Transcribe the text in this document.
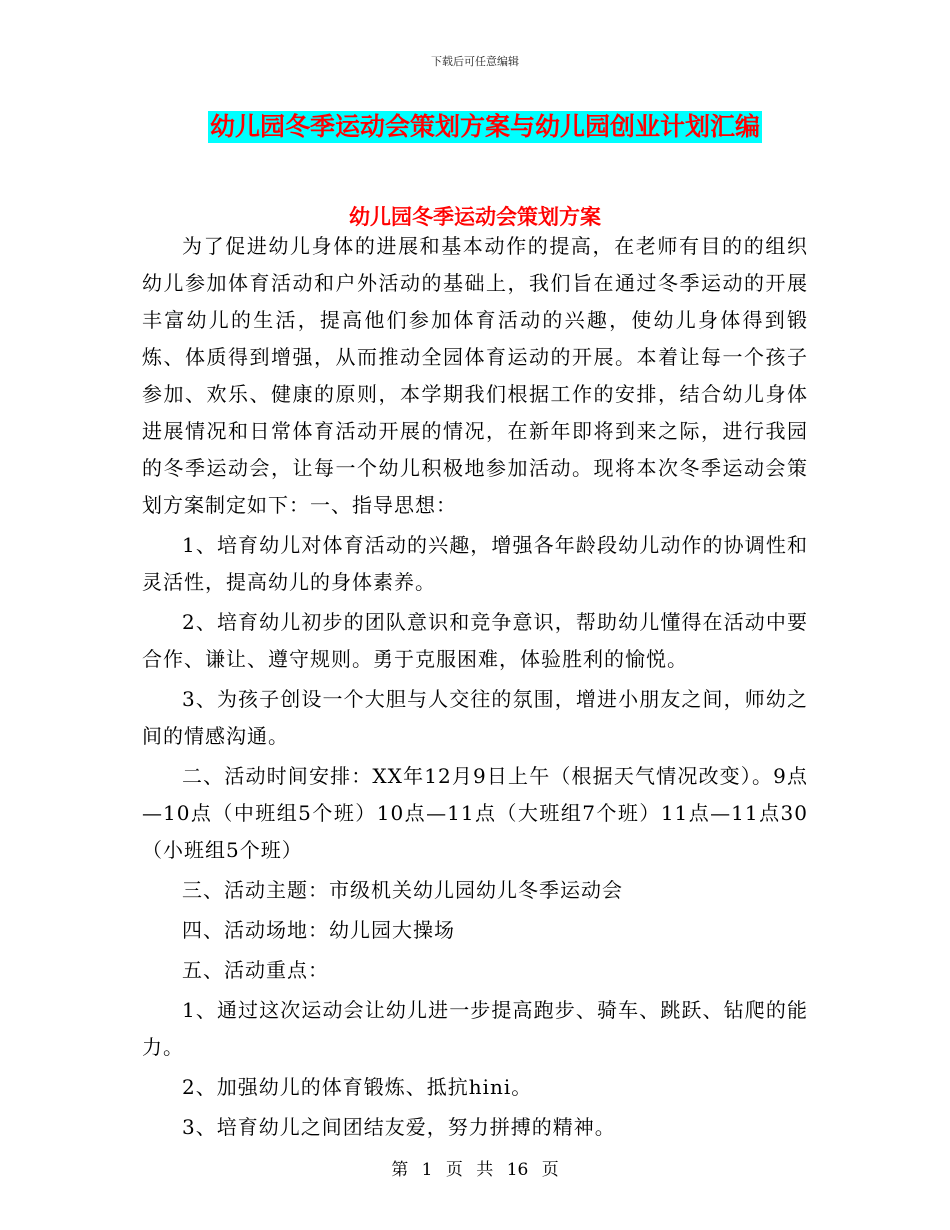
下载后可任意编辑
幼儿园冬季运动会策划方案与幼儿园创业计划汇编
幼儿园冬季运动会策划方案

为了促进幼儿身体的进展和基本动作的提高，在老师有目的的组织幼儿参加体育活动和户外活动的基础上，我们旨在通过冬季运动的开展丰富幼儿的生活，提高他们参加体育活动的兴趣，使幼儿身体得到锻炼、体质得到增强，从而推动全园体育运动的开展。本着让每一个孩子参加、欢乐、健康的原则，本学期我们根据工作的安排，结合幼儿身体进展情况和日常体育活动开展的情况，在新年即将到来之际，进行我园的冬季运动会，让每一个幼儿积极地参加活动。现将本次冬季运动会策划方案制定如下：一、指导思想：

1、培育幼儿对体育活动的兴趣，增强各年龄段幼儿动作的协调性和灵活性，提高幼儿的身体素养。

2、培育幼儿初步的团队意识和竞争意识，帮助幼儿懂得在活动中要合作、谦让、遵守规则。勇于克服困难，体验胜利的愉悦。

3、为孩子创设一个大胆与人交往的氛围，增进小朋友之间，师幼之间的情感沟通。

二、活动时间安排：XX年12月9日上午（根据天气情况改变）。9点—10点（中班组5个班）10点—11点（大班组7个班）11点—11点30（小班组5个班）

三、活动主题：市级机关幼儿园幼儿冬季运动会

四、活动场地：幼儿园大操场

五、活动重点：

1、通过这次运动会让幼儿进一步提高跑步、骑车、跳跃、钻爬的能力。

2、加强幼儿的体育锻炼、抵抗hini。

3、培育幼儿之间团结友爱，努力拼搏的精神。

第 1 页 共 16 页
